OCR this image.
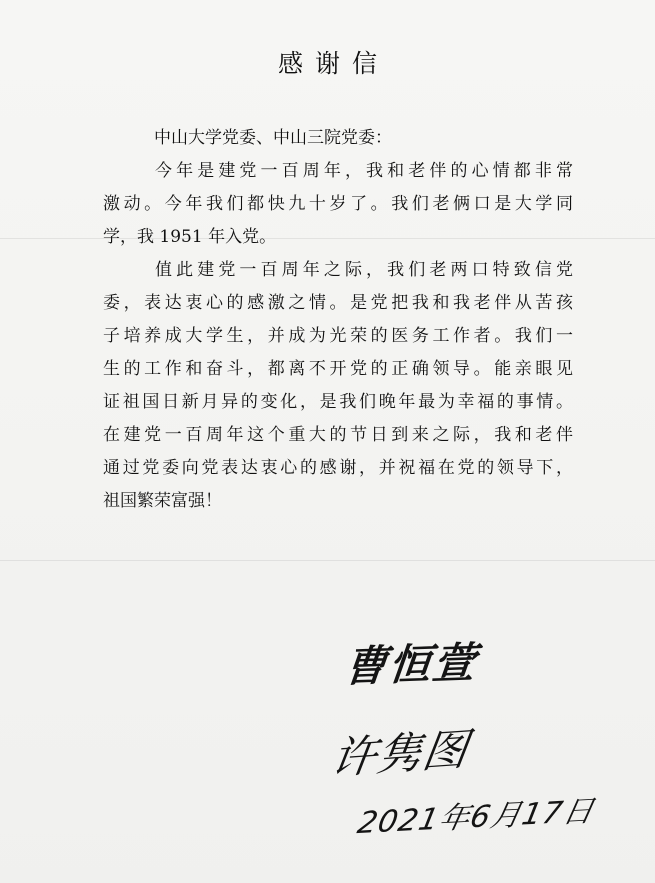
感谢信
中山大学党委、中山三院党委：
今年是建党一百周年，我和老伴的心情都非常
激动。今年我们都快九十岁了。我们老俩口是大学同
学，我 1951 年入党。
值此建党一百周年之际，我们老两口特致信党
委，表达衷心的感激之情。是党把我和我老伴从苦孩
子培养成大学生，并成为光荣的医务工作者。我们一
生的工作和奋斗，都离不开党的正确领导。能亲眼见
证祖国日新月异的变化，是我们晚年最为幸福的事情。
在建党一百周年这个重大的节日到来之际，我和老伴
通过党委向党表达衷心的感谢，并祝福在党的领导下，
祖国繁荣富强！
曹恒萱
许隽图
2021年6月17日
